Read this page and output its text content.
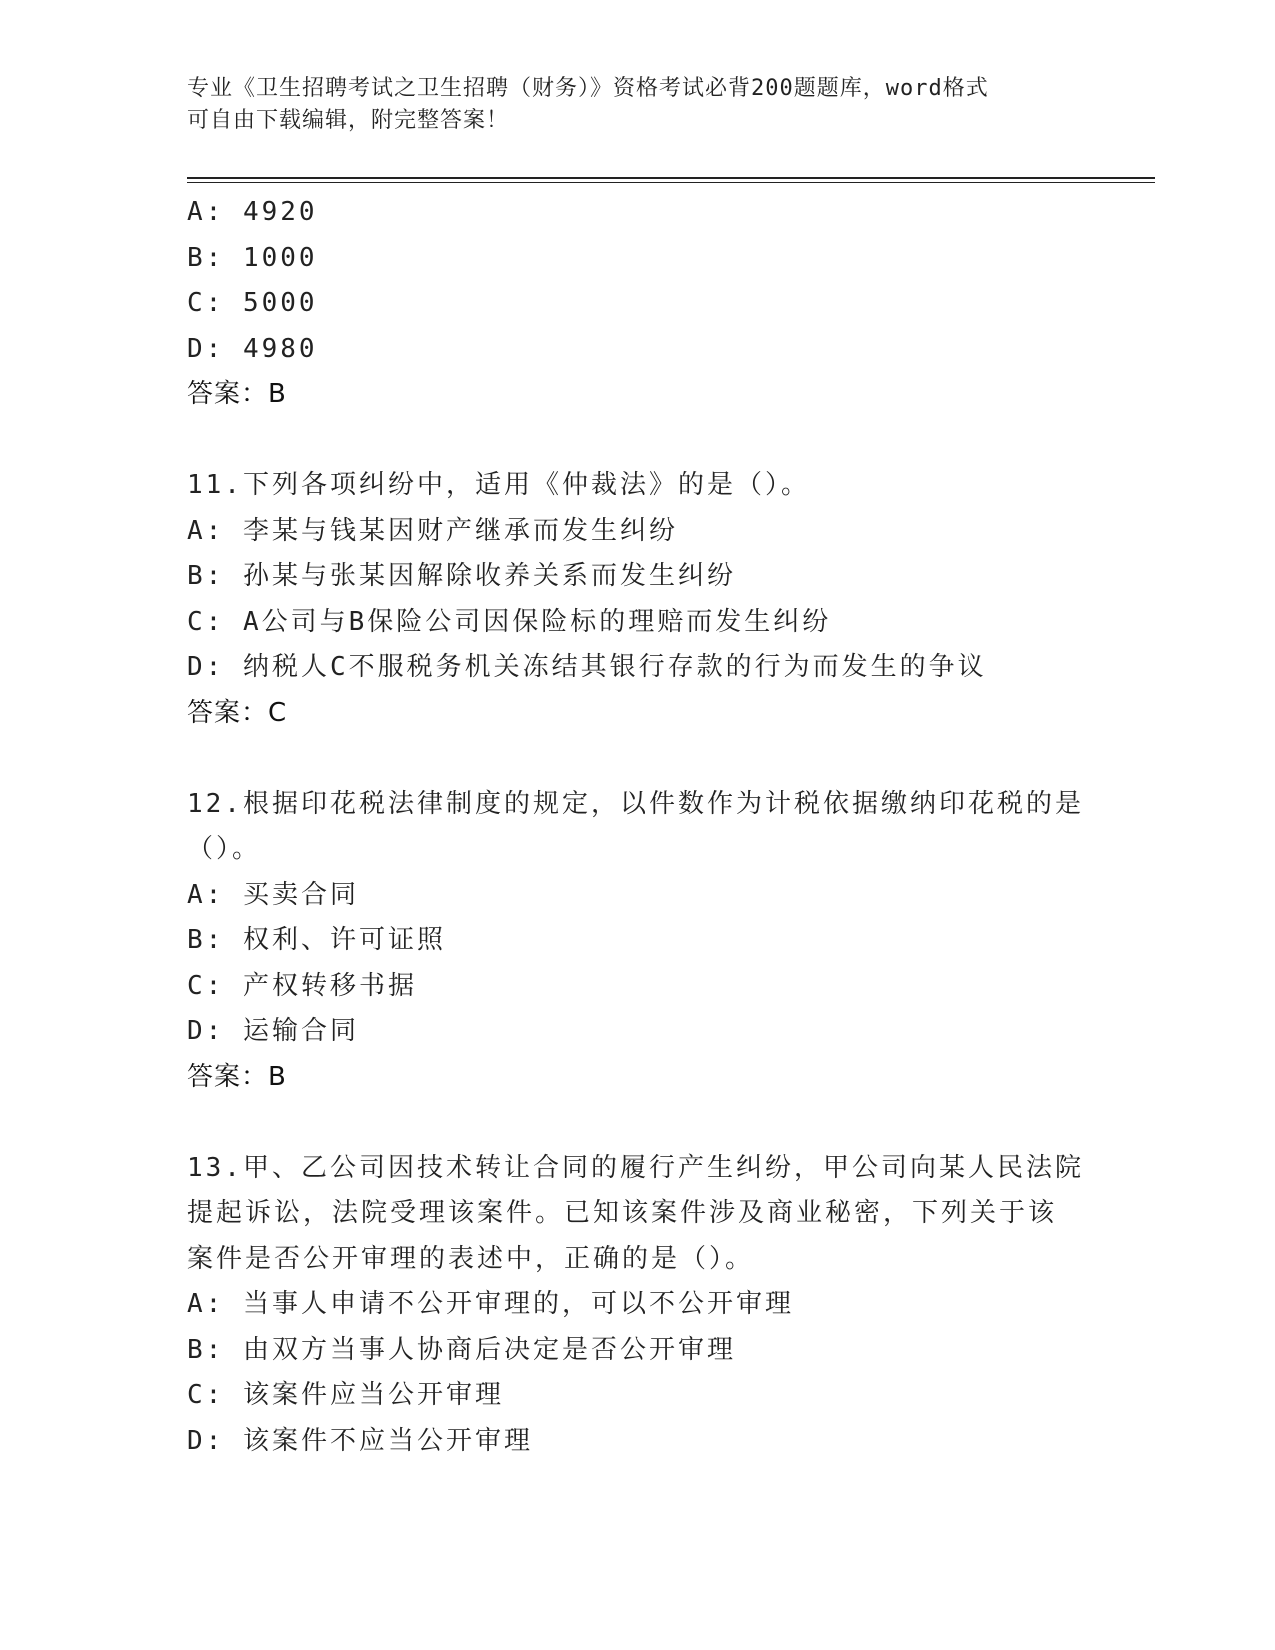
专业《卫生招聘考试之卫生招聘（财务）》资格考试必背200题题库，word格式
可自由下载编辑，附完整答案！
A: 4920
B: 1000
C: 5000
D: 4980
答案：B
11.下列各项纠纷中，适用《仲裁法》的是（）。
A: 李某与钱某因财产继承而发生纠纷
B: 孙某与张某因解除收养关系而发生纠纷
C: A公司与B保险公司因保险标的理赔而发生纠纷
D: 纳税人C不服税务机关冻结其银行存款的行为而发生的争议
答案：C
12.根据印花税法律制度的规定，以件数作为计税依据缴纳印花税的是
（）。
A: 买卖合同
B: 权利、许可证照
C: 产权转移书据
D: 运输合同
答案：B
13.甲、乙公司因技术转让合同的履行产生纠纷，甲公司向某人民法院
提起诉讼，法院受理该案件。已知该案件涉及商业秘密，下列关于该
案件是否公开审理的表述中，正确的是（）。
A: 当事人申请不公开审理的，可以不公开审理
B: 由双方当事人协商后决定是否公开审理
C: 该案件应当公开审理
D: 该案件不应当公开审理
